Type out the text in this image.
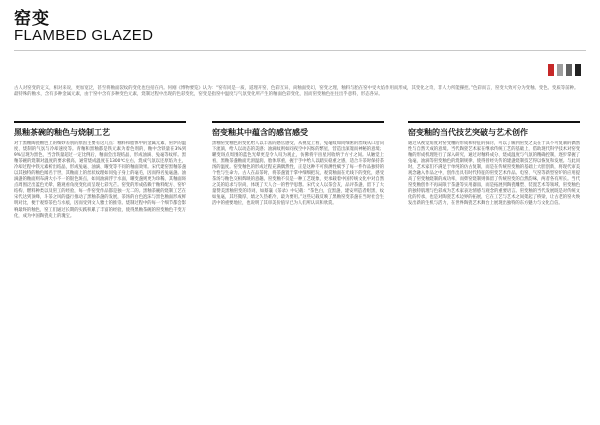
窑变
FLAMBED GLAZED
古人对窑变的定义，相对来说，更加宽泛，甚至将釉面裂纹的变化也包括在内。何刚《博物要览》认为：“窑有同是一质，道理开窑，色彩互异，尚釉面变幻，窑变之理，釉料与胎在窑中受火焰作用而形成，其变化之奇，非人力所能操控。”色彩而言，窑变大致可分为变釉、变色、变质等前种。最特殊的釉水，含有多种金属元素，由于窑中含有多种变色元素，烧制过程中出现的色彩变化，窑变是指窑中温度与气氛变化所产生的釉面色彩变化，因而窑变釉色往往出乎意料，形态各异。
黑釉茶碗的釉色与烧制工艺

对于黑釉陶瓷釉色上的细妙差别的原因主要有这几点：釉料和胎体中的金属元素、窑炉的温度、烧制的气氛与冷却速度等。青釉和黑釉都是铁元素为着色剂的，釉中含铁量在3%到9%呈现为黑色，当含铁量超过一定比例后，釉面会出现结晶，形成油滴、兔毫等纹样。黑釉茶碗的烧制对温度的要求极高，通常烧成温度在1300℃左右，烧成气氛以还原焰为主，冷却过程中铁元素析出结晶，形成兔毫、油滴、曜变等不同的釉面效果。宋代建窑黑釉茶盏以其独特的釉色闻名于世，其釉面上的丝状纹理如同兔子身上的毫毛，因而得名兔毫盏。油滴盏的釉面则布满大小不一的银色斑点，如同油滴浮于水面，曜变盏则更为珍稀，其釉面斑点周围泛出蓝色光晕，随观看角度变化而呈现七彩光芒。窑变的形成依赖于釉料配方、窑炉结构、燃料种类以及窑工的经验，每一件窑变作品都是独一无二的。黑釉茶碗的烧制工艺在宋代达到顶峰，斗茶之风的盛行推动了黑釉茶盏的发展，茶汤的白色泡沫与黑色釉面形成鲜明对比，便于观察茶色与水痕，因而受到文人雅士的推崇。烧制过程中的每一个细节都会影响最终的釉色，窑工们通过长期的实践积累了丰富的经验，使得黑釉茶碗的窑变釉色千变万化，成为中国陶瓷史上的瑰宝。

窑变釉其中蕴含的感官感受

黑釉窑变釉色的变化给人以丰富的感官感受，从视觉上看，兔毫纹如同细密的丝线从口沿向下流淌，给人以动态的美感；油滴纹则如同夜空中闪烁的繁星，营造出深邃而神秘的意境；曜变斑点周围的蓝色光晕更是令人叹为观止，仿佛将宇宙星河收纳于方寸之间。从触觉上看，黑釉茶盏釉面光滑温润，胎体厚重，握于手中给人以踏实稳重之感，适合斗茶时保持茶汤的温度。窑变釉色的形成过程充满偶然性，正是这种不可预测性赋予了每一件作品独特的个性与生命力。古人在品茶时，将茶盏置于掌中细细把玩，观赏釉面在光线下的变化，感受茶汤与釉色交相辉映的意趣。窑变釉不仅是一种工艺现象，更承载着中国传统文化中对自然之美的追求与崇尚，体现了天人合一的哲学思想。宋代文人以茶会友，品评茶盏，留下了大量赞美黑釉窑变的诗词，如蔡襄《茶录》中记载：“茶色白，宜黑盏，建安所造者绀黑，纹如兔毫，其坯微厚，熁之久热难冷，最为要用。”这些记载反映了黑釉窑变茶盏在当时社会生活中的重要地位，也说明了其审美价值早已为人们所认识和欣赏。

窑变釉的当代技艺突破与艺术创作

通过从视觉角度对窑变釉的形成和特征的探讨，可以了解到窑变之美在于其不可复制的偶然性与自然天成的意境。当代陶瓷艺术家在继承传统工艺的基础上，借助现代科学技术对窑变釉的形成机理进行了深入研究，通过对釉料成分、烧成温度与气氛的精确控制，逐步掌握了兔毫、油滴等窑变釉色的烧制规律，使得曾经失传的建盏烧制技艺得以恢复和发展。与此同时，艺术家们不满足于单纯的仿古复制，而是在传统窑变釉的基础上大胆创新，将现代审美观念融入作品之中，创作出具有时代特征的窑变艺术作品。电窑、气窑等新型窑炉的应用提高了窑变釉烧制的成功率，而柴窑烧制则保留了传统窑变的自然韵味，两者各有所长。当代窑变釉创作不再局限于茶盏等实用器皿，而是拓展到陶瓷雕塑、装置艺术等领域，窑变釉色的独特肌理与色彩成为艺术家表达情感与观念的重要语言。窑变釉的当代发展既是对传统文化的传承，也是对陶瓷艺术边界的拓展，它在工艺与艺术之间架起了桥梁，让古老的窑火焕发出新的生机与活力，在世界陶瓷艺术舞台上展现出独特的东方魅力与文化自信。
